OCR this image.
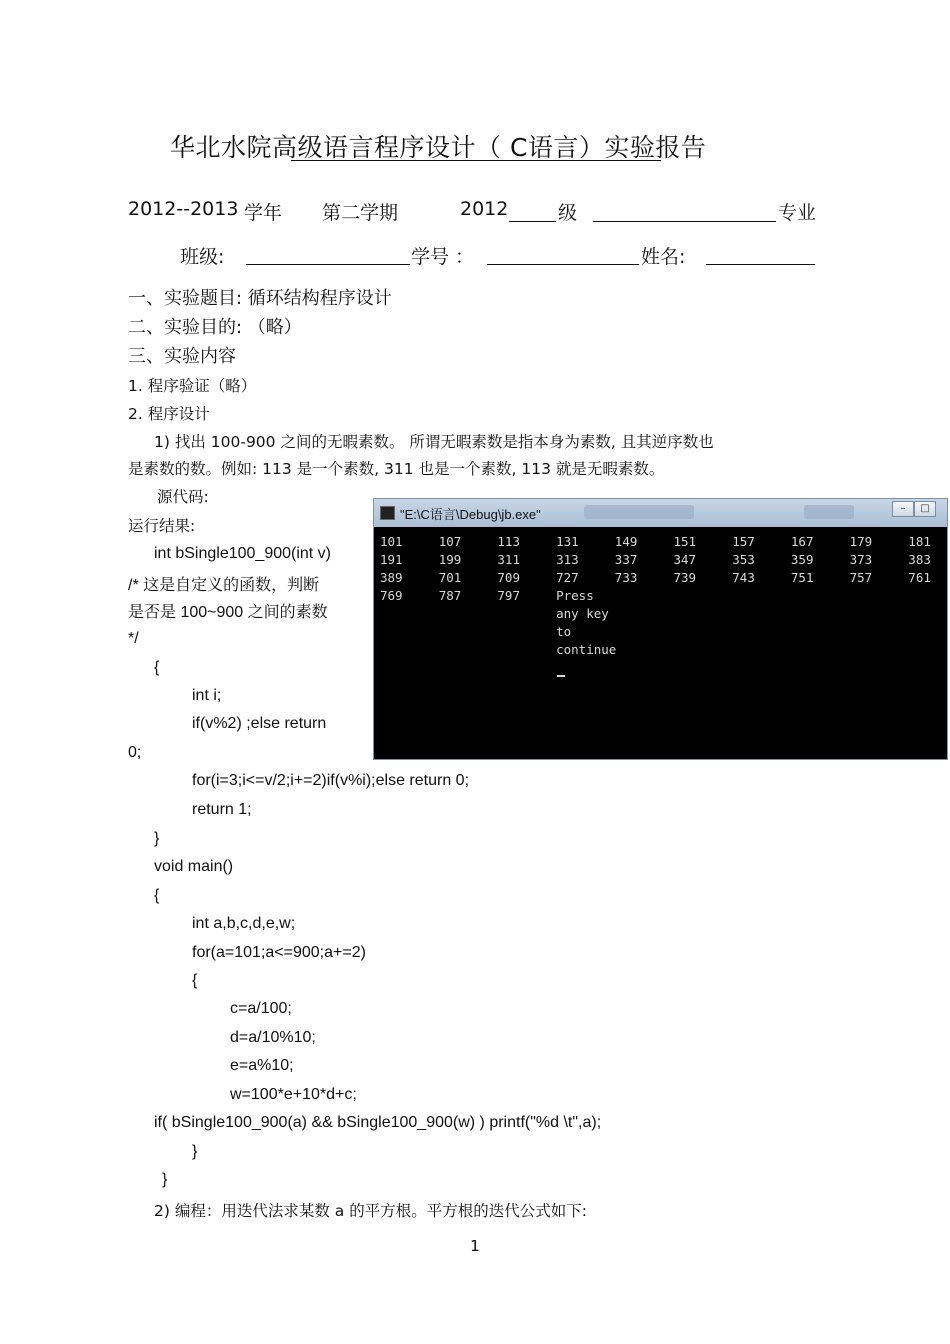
华北水院高级语言程序设计（ C语言）实验报告
2012--2013 学年 第二学期	2012	级	专业
班级:	学号 ：	姓名:
一、实验题目: 循环结构程序设计
二、实验目的: （略）
三、实验内容
1. 程序验证（略）
2. 程序设计
1) 找出 100-900 之间的无暇素数。 所谓无暇素数是指本身为素数, 且其逆序数也
是素数的数。例如: 113 是一个素数, 311 也是一个素数, 113 就是无暇素数。
源代码:
运行结果:
int bSingle100_900(int v)
/* 这是自定义的函数，判断
是否是 100~900 之间的素数
*/
{
int i;
if(v%2) ;else return
0;
for(i=3;i<=v/2;i+=2)if(v%i);else return 0;
return 1;
}
void main()
{
int a,b,c,d,e,w;
for(a=101;a<=900;a+=2)
{
c=a/100;
d=a/10%10;
e=a%10;
w=100*e+10*d+c;
if( bSingle100_900(a) && bSingle100_900(w) ) printf("%d \t",a);
}
}
2) 编程：用迭代法求某数 a 的平方根。平方根的迭代公式如下:
1
"E:\C语言\Debug\jb.exe"	–	□
101	107	113	131	149	151	157	167	179	181
191	199	311	313	337	347	353	359	373	383
389	701	709	727	733	739	743	751	757	761
769	787	797	Press any key to continue
